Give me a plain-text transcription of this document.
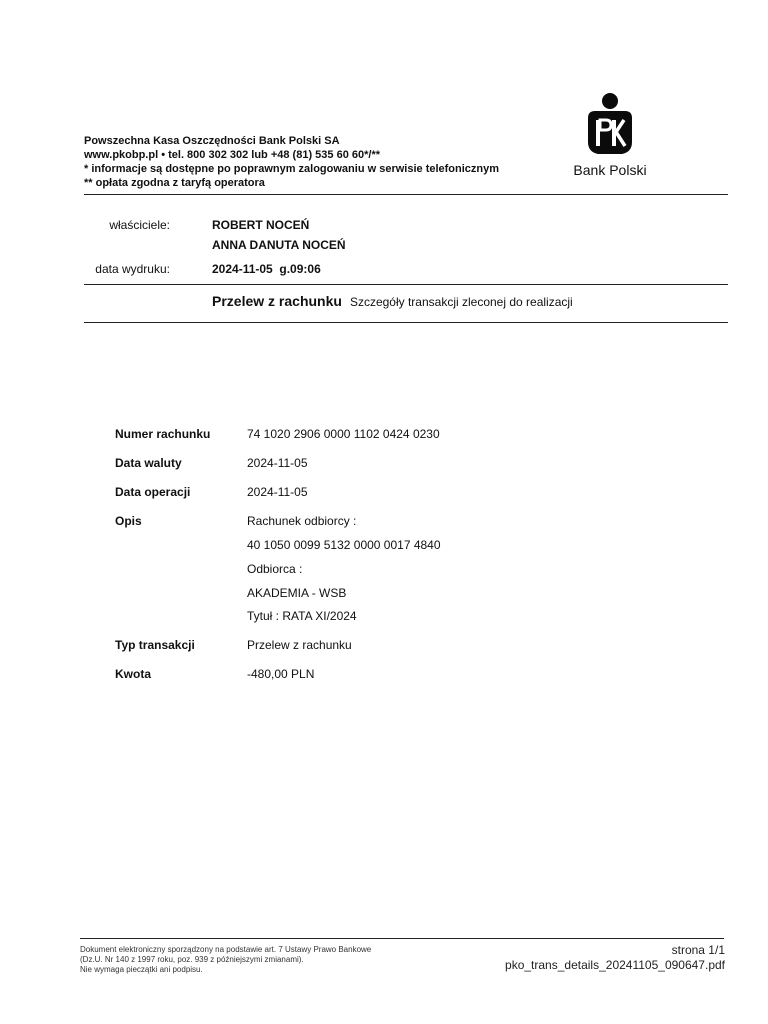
Powszechna Kasa Oszczędności Bank Polski SA
www.pkobp.pl • tel. 800 302 302 lub +48 (81) 535 60 60*/**
* informacje są dostępne po poprawnym zalogowaniu w serwisie telefonicznym
** opłata zgodna z taryfą operatora
Bank Polski
właściciele:	ROBERT NOCEŃ
ANNA DANUTA NOCEŃ
data wydruku:	2024-11-05  g.09:06
Przelew z rachunku Szczegóły transakcji zleconej do realizacji
Numer rachunku	74 1020 2906 0000 1102 0424 0230
Data waluty	2024-11-05
Data operacji	2024-11-05
Opis	Rachunek odbiorcy :
40 1050 0099 5132 0000 0017 4840
Odbiorca :
AKADEMIA - WSB
Tytuł : RATA XI/2024
Typ transakcji	Przelew z rachunku
Kwota	-480,00 PLN
Dokument elektroniczny sporządzony na podstawie art. 7 Ustawy Prawo Bankowe
(Dz.U. Nr 140 z 1997 roku, poz. 939 z późniejszymi zmianami).
Nie wymaga pieczątki ani podpisu.
strona 1/1
pko_trans_details_20241105_090647.pdf
